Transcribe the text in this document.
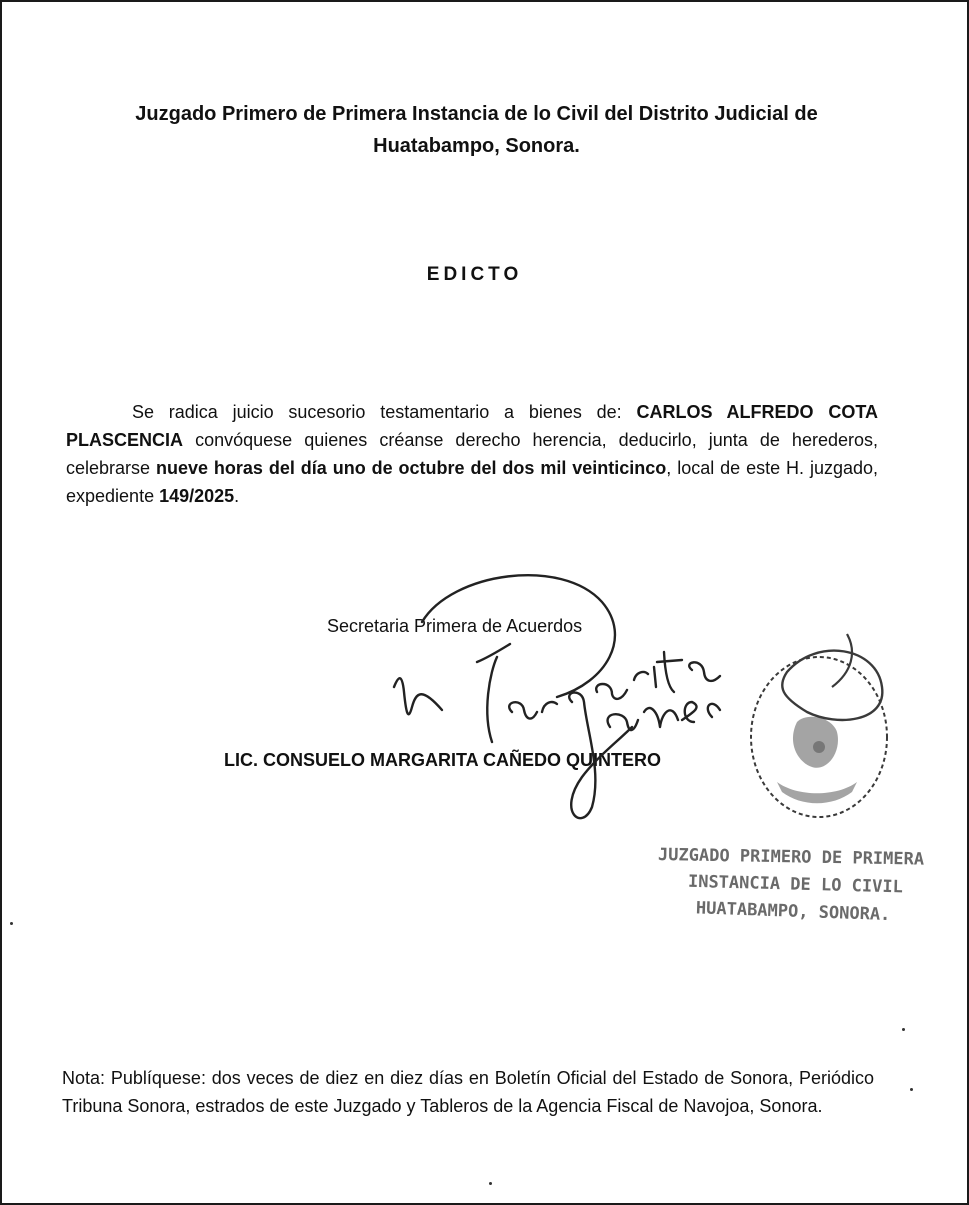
Juzgado Primero de Primera Instancia de lo Civil del Distrito Judicial de
Huatabampo, Sonora.
EDICTO
Se radica juicio sucesorio testamentario a bienes de: CARLOS ALFREDO COTA PLASCENCIA convóquese quienes créanse derecho herencia, deducirlo, junta de herederos, celebrarse nueve horas del día uno de octubre del dos mil veinticinco, local de este H. juzgado, expediente 149/2025.
Secretaria Primera de Acuerdos
LIC. CONSUELO MARGARITA CAÑEDO QUINTERO
JUZGADO PRIMERO DE PRIMERA
INSTANCIA DE LO CIVIL
HUATABAMPO, SONORA.
Nota: Publíquese: dos veces de diez en diez días en Boletín Oficial del Estado de Sonora, Periódico Tribuna Sonora, estrados de este Juzgado y Tableros de la Agencia Fiscal de Navojoa, Sonora.
